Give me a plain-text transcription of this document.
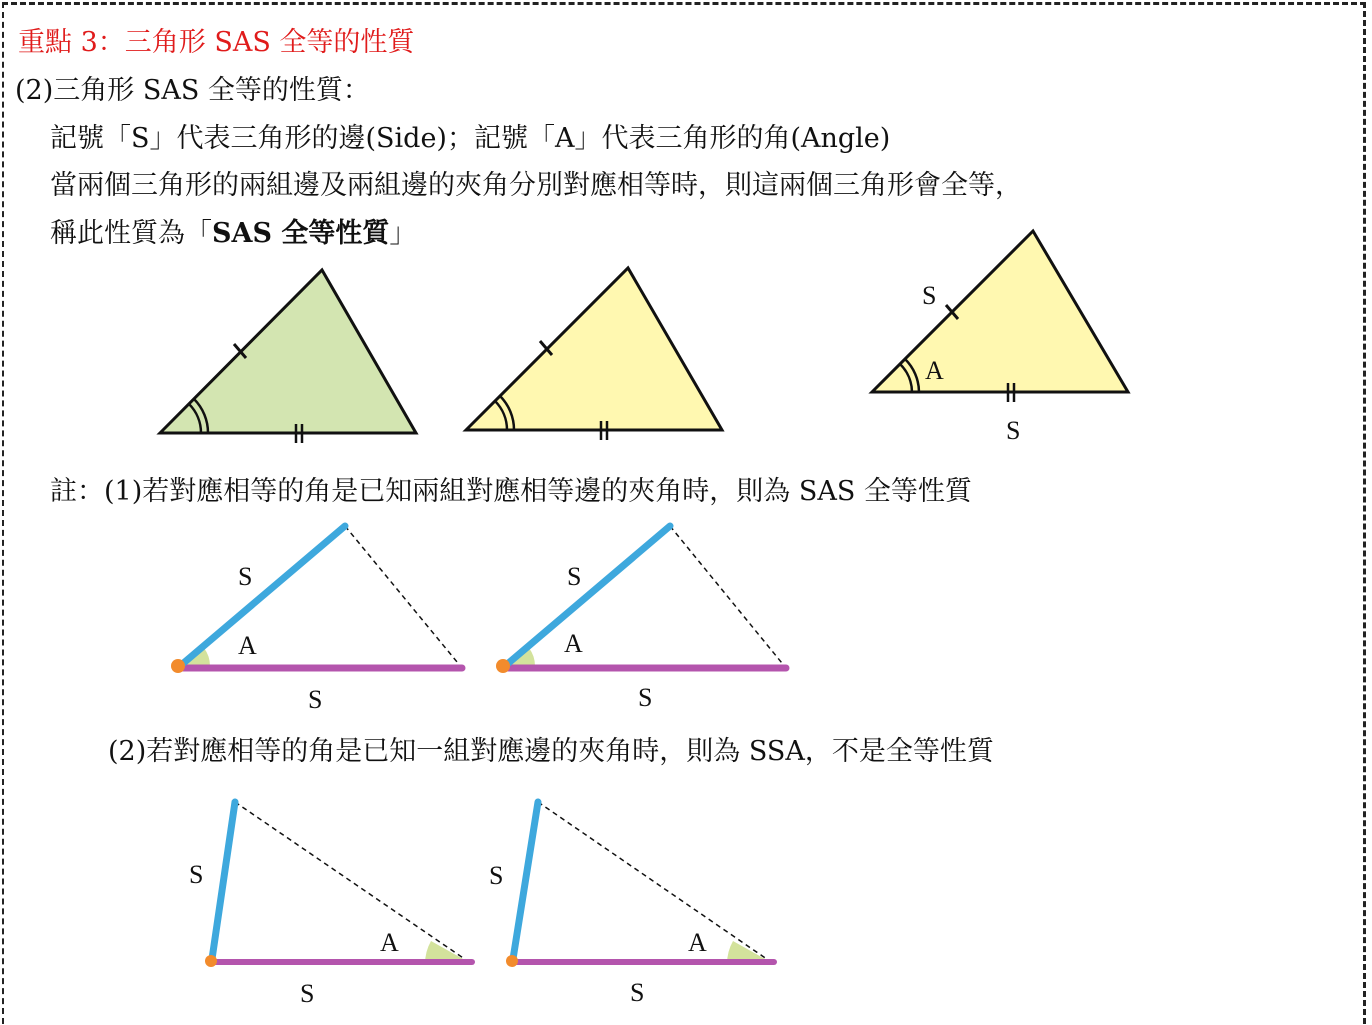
重點 3：三角形 SAS 全等的性質
(2)三角形 SAS 全等的性質：
記號「S」代表三角形的邊(Side)；記號「A」代表三角形的角(Angle)
當兩個三角形的兩組邊及兩組邊的夾角分別對應相等時，則這兩個三角形會全等，
稱此性質為「SAS 全等性質」
註：(1)若對應相等的角是已知兩組對應相等邊的夾角時，則為 SAS 全等性質
(2)若對應相等的角是已知一組對應邊的夾角時，則為 SSA，不是全等性質
S
A
S
S
A
S
S
A
S
S
A
S
S
A
S
